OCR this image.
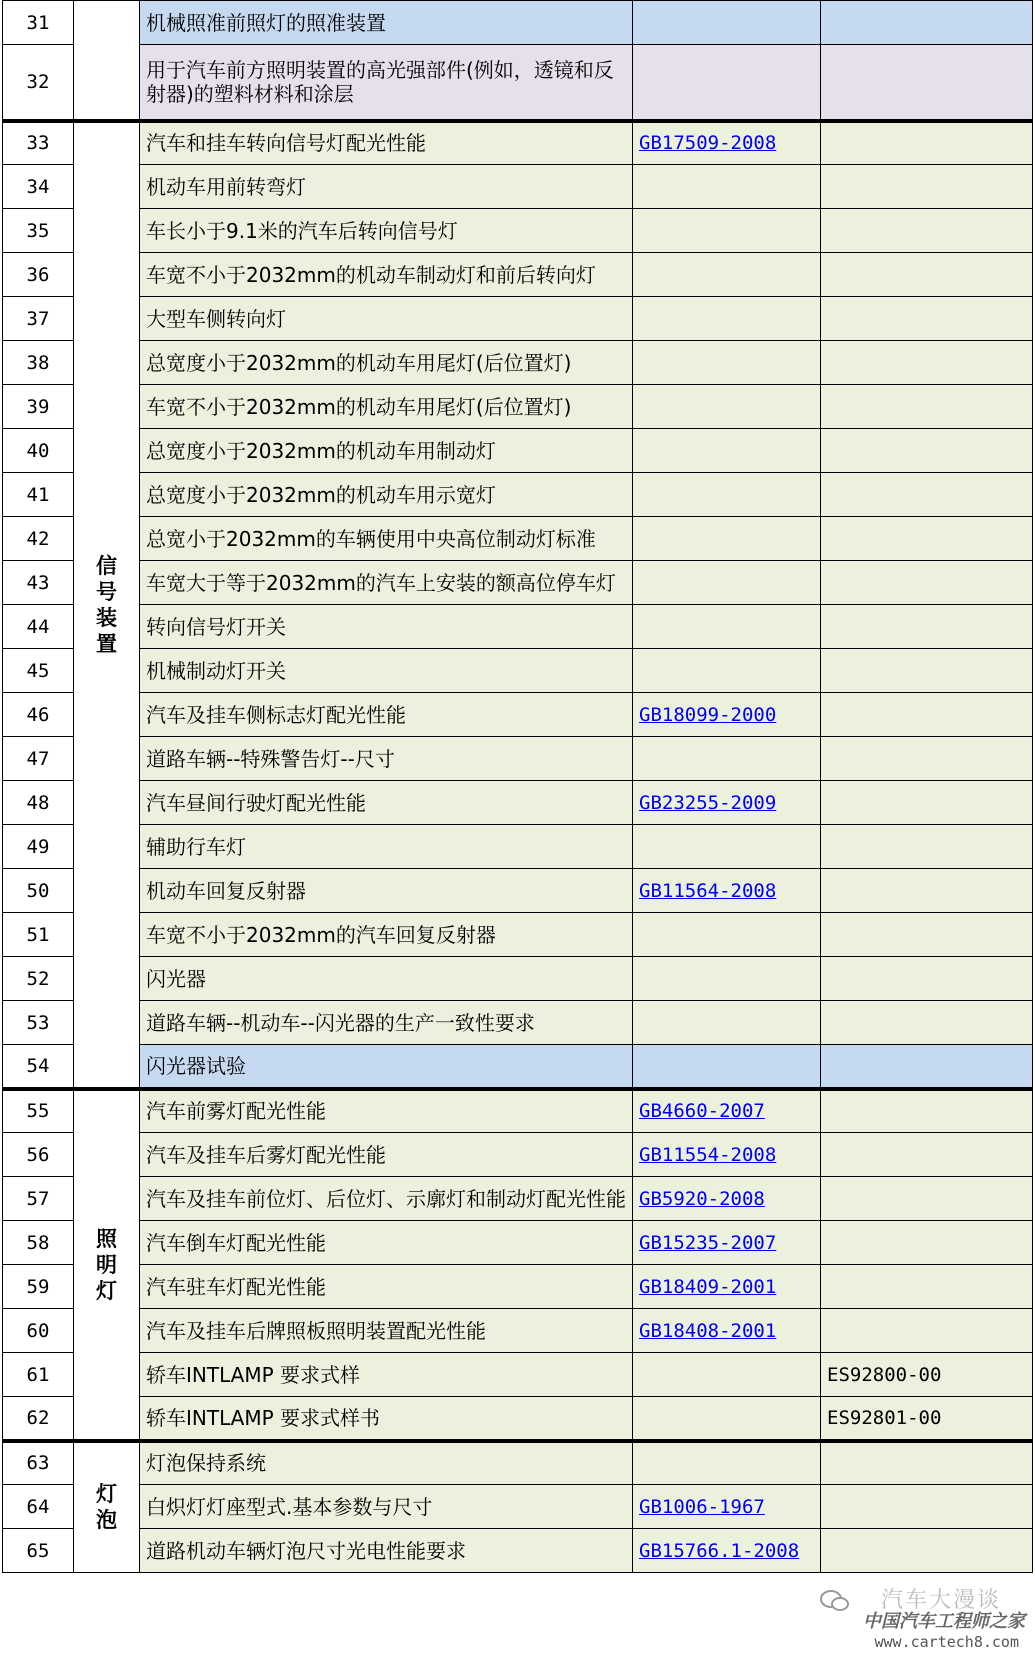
31		机械照准前照灯的照准装置		
32		用于汽车前方照明装置的高光强部件(例如，透镜和反射器)的塑料材料和涂层		
33	信号装置	汽车和挂车转向信号灯配光性能	GB17509-2008	
34		机动车用前转弯灯		
35		车长小于9.1米的汽车后转向信号灯		
36		车宽不小于2032mm的机动车制动灯和前后转向灯		
37		大型车侧转向灯		
38		总宽度小于2032mm的机动车用尾灯(后位置灯)		
39		车宽不小于2032mm的机动车用尾灯(后位置灯)		
40		总宽度小于2032mm的机动车用制动灯		
41		总宽度小于2032mm的机动车用示宽灯		
42		总宽小于2032mm的车辆使用中央高位制动灯标准		
43		车宽大于等于2032mm的汽车上安装的额高位停车灯		
44		转向信号灯开关		
45		机械制动灯开关		
46		汽车及挂车侧标志灯配光性能	GB18099-2000	
47		道路车辆--特殊警告灯--尺寸		
48		汽车昼间行驶灯配光性能	GB23255-2009	
49		辅助行车灯		
50		机动车回复反射器	GB11564-2008	
51		车宽不小于2032mm的汽车回复反射器		
52		闪光器		
53		道路车辆--机动车--闪光器的生产一致性要求		
54		闪光器试验		
55	照明灯	汽车前雾灯配光性能	GB4660-2007	
56		汽车及挂车后雾灯配光性能	GB11554-2008	
57		汽车及挂车前位灯、后位灯、示廓灯和制动灯配光性能	GB5920-2008	
58		汽车倒车灯配光性能	GB15235-2007	
59		汽车驻车灯配光性能	GB18409-2001	
60		汽车及挂车后牌照板照明装置配光性能	GB18408-2001	
61		轿车INTLAMP 要求式样		ES92800-00
62		轿车INTLAMP 要求式样书		ES92801-00
63	灯泡	灯泡保持系统		
64		白炽灯灯座型式.基本参数与尺寸	GB1006-1967	
65		道路机动车辆灯泡尺寸光电性能要求	GB15766.1-2008	
汽车大漫谈
中国汽车工程师之家
www.cartech8.com
